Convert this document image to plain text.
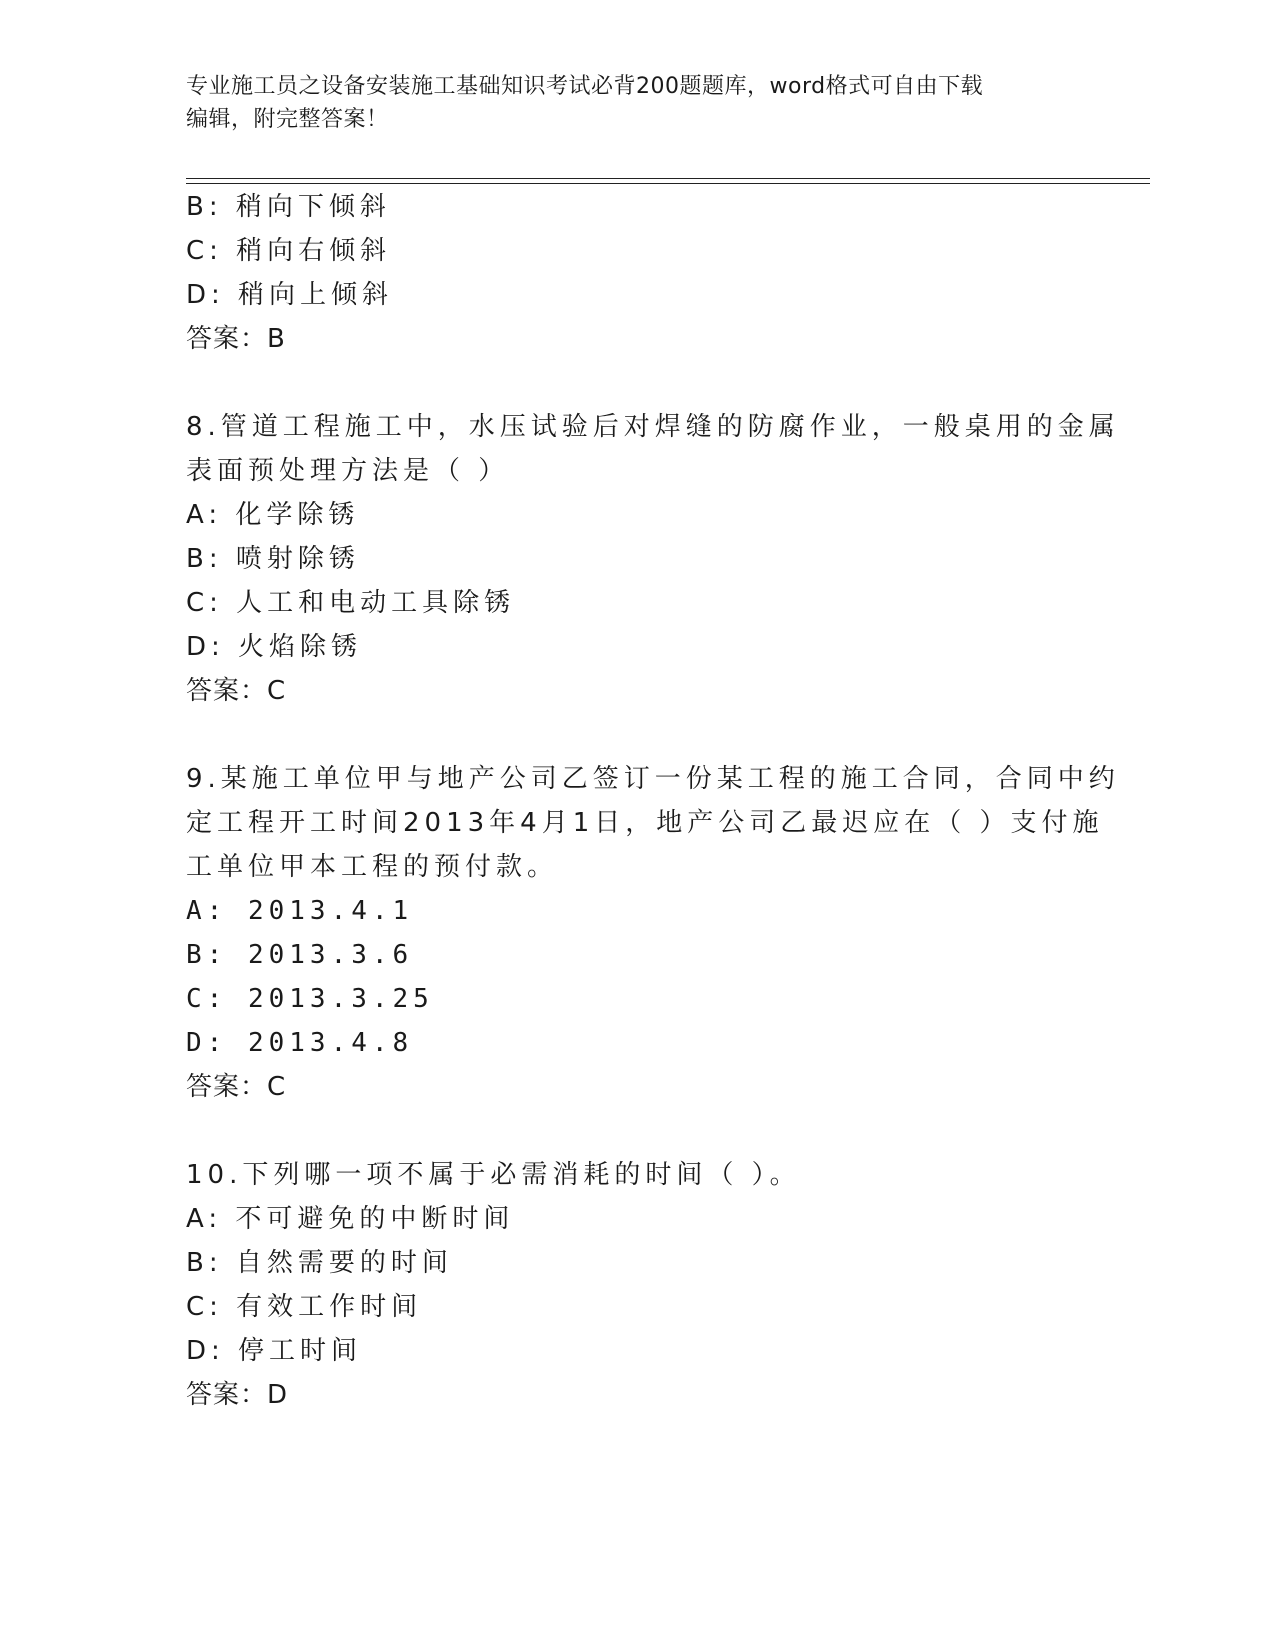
专业施工员之设备安装施工基础知识考试必背200题题库，word格式可自由下载
编辑，附完整答案！
B: 稍向下倾斜
C: 稍向右倾斜
D: 稍向上倾斜
答案：B
8.管道工程施工中，水压试验后对焊缝的防腐作业，一般桌用的金属
表面预处理方法是（ ）
A: 化学除锈
B: 喷射除锈
C: 人工和电动工具除锈
D: 火焰除锈
答案：C
9.某施工单位甲与地产公司乙签订一份某工程的施工合同，合同中约
定工程开工时间2013年4月1日，地产公司乙最迟应在（ ）支付施
工单位甲本工程的预付款。
A: 2013.4.1
B: 2013.3.6
C: 2013.3.25
D: 2013.4.8
答案：C
10.下列哪一项不属于必需消耗的时间（ ）。
A: 不可避免的中断时间
B: 自然需要的时间
C: 有效工作时间
D: 停工时间
答案：D
